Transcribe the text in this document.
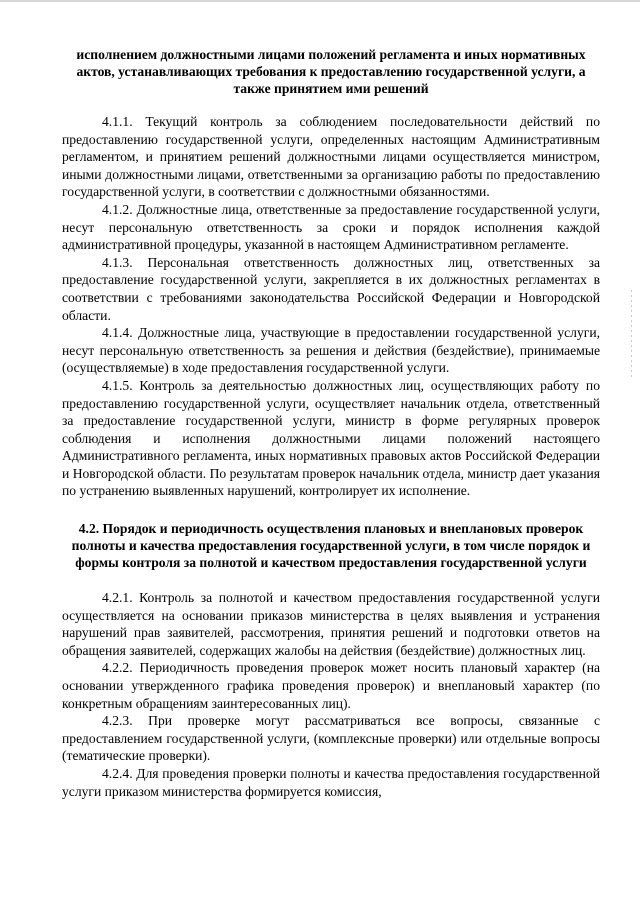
исполнением должностными лицами положений регламента и иных нормативных актов, устанавливающих требования к предоставлению государственной услуги, а также принятием ими решений

4.1.1. Текущий контроль за соблюдением последовательности действий по предоставлению государственной услуги, определенных настоящим Административным регламентом, и принятием решений должностными лицами осуществляется министром, иными должностными лицами, ответственными за организацию работы по предоставлению государственной услуги, в соответствии с должностными обязанностями.

4.1.2. Должностные лица, ответственные за предоставление государственной услуги, несут персональную ответственность за сроки и порядок исполнения каждой административной процедуры, указанной в настоящем Административном регламенте.

4.1.3. Персональная ответственность должностных лиц, ответственных за предоставление государственной услуги, закрепляется в их должностных регламентах в соответствии с требованиями законодательства Российской Федерации и Новгородской области.

4.1.4. Должностные лица, участвующие в предоставлении государственной услуги, несут персональную ответственность за решения и действия (бездействие), принимаемые (осуществляемые) в ходе предоставления государственной услуги.

4.1.5. Контроль за деятельностью должностных лиц, осуществляющих работу по предоставлению государственной услуги, осуществляет начальник отдела, ответственный за предоставление государственной услуги, министр в форме регулярных проверок соблюдения и исполнения должностными лицами положений настоящего Административного регламента, иных нормативных правовых актов Российской Федерации и Новгородской области. По результатам проверок начальник отдела, министр дает указания по устранению выявленных нарушений, контролирует их исполнение.

4.2. Порядок и периодичность осуществления плановых и внеплановых проверок полноты и качества предоставления государственной услуги, в том числе порядок и формы контроля за полнотой и качеством предоставления государственной услуги

4.2.1. Контроль за полнотой и качеством предоставления государственной услуги осуществляется на основании приказов министерства в целях выявления и устранения нарушений прав заявителей, рассмотрения, принятия решений и подготовки ответов на обращения заявителей, содержащих жалобы на действия (бездействие) должностных лиц.

4.2.2. Периодичность проведения проверок может носить плановый характер (на основании утвержденного графика проведения проверок) и внеплановый характер (по конкретным обращениям заинтересованных лиц).

4.2.3. При проверке могут рассматриваться все вопросы, связанные с предоставлением государственной услуги, (комплексные проверки) или отдельные вопросы (тематические проверки).

4.2.4. Для проведения проверки полноты и качества предоставления государственной услуги приказом министерства формируется комиссия,
